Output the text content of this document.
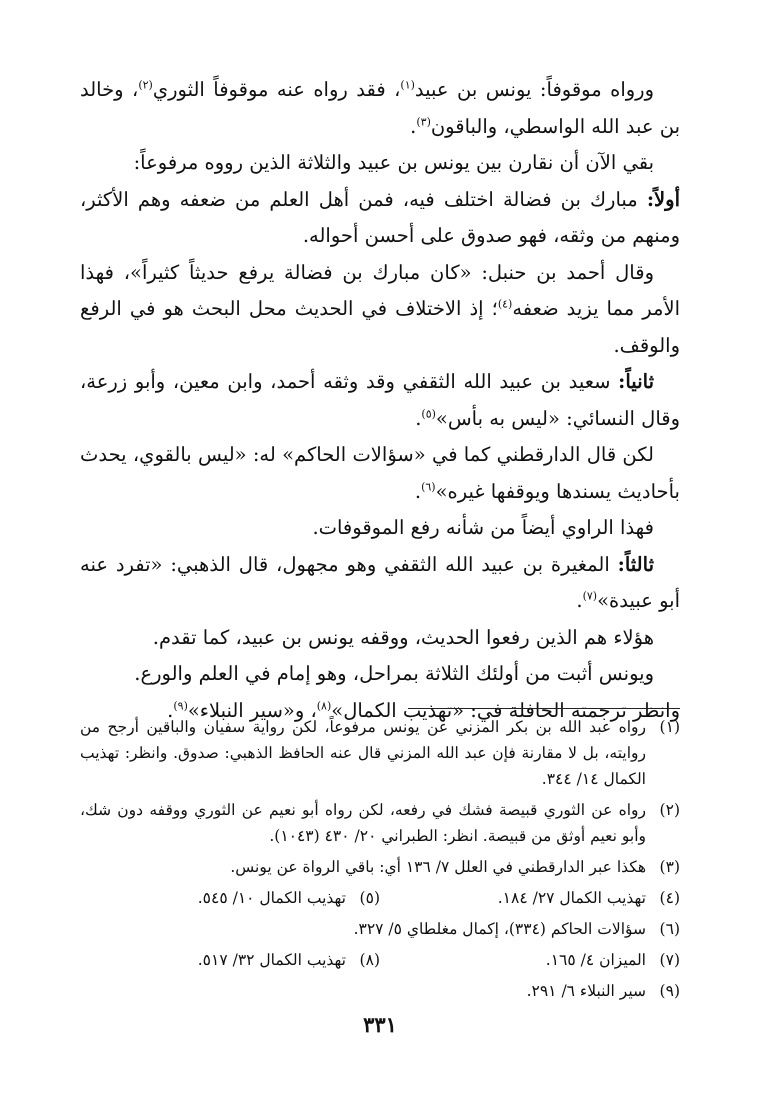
ورواه موقوفاً: يونس بن عبيد$^{(١)}$، فقد رواه عنه موقوفاً الثوري$^{(٢)}$، وخالد بن عبد الله الواسطي، والباقون$^{(٣)}$.

بقي الآن أن نقارن بين يونس بن عبيد والثلاثة الذين رووه مرفوعاً:

أولاً: مبارك بن فضالة اختلف فيه، فمن أهل العلم من ضعفه وهم الأكثر، ومنهم من وثقه، فهو صدوق على أحسن أحواله.

وقال أحمد بن حنبل: «كان مبارك بن فضالة يرفع حديثاً كثيراً»، فهذا الأمر مما يزيد ضعفه$^{(٤)}$؛ إذ الاختلاف في الحديث محل البحث هو في الرفع والوقف.

ثانياً: سعيد بن عبيد الله الثقفي وقد وثقه أحمد، وابن معين، وأبو زرعة، وقال النسائي: «ليس به بأس»$^{(٥)}$.

لكن قال الدارقطني كما في «سؤالات الحاكم» له: «ليس بالقوي، يحدث بأحاديث يسندها ويوقفها غيره»$^{(٦)}$.

فهذا الراوي أيضاً من شأنه رفع الموقوفات.

ثالثاً: المغيرة بن عبيد الله الثقفي وهو مجهول، قال الذهبي: «تفرد عنه أبو عبيدة»$^{(٧)}$.

هؤلاء هم الذين رفعوا الحديث، ووقفه يونس بن عبيد، كما تقدم.

ويونس أثبت من أولئك الثلاثة بمراحل، وهو إمام في العلم والورع.

وانظر ترجمته الحافلة في: «تهذيب الكمال»$^{(٨)}$، و«سير النبلاء»$^{(٩)}$.

(١)
رواه عبد الله بن بكر المزني عن يونس مرفوعاً، لكن رواية سفيان والباقين أرجح من روايته، بل لا مقارنة فإن عبد الله المزني قال عنه الحافظ الذهبي: صدوق. وانظر: تهذيب الكمال ١٤/ ٣٤٤.
(٢)
رواه عن الثوري قبيصة فشك في رفعه، لكن رواه أبو نعيم عن الثوري ووقفه دون شك، وأبو نعيم أوثق من قبيصة. انظر: الطبراني ٢٠/ ٤٣٠ (١٠٤٣).
(٣)
هكذا عبر الدارقطني في العلل ٧/ ١٣٦ أي: باقي الرواة عن يونس.
(٤)
تهذيب الكمال ٢٧/ ١٨٤.
(٥)
تهذيب الكمال ١٠/ ٥٤٥.
(٦)
سؤالات الحاكم (٣٣٤)، إكمال مغلطاي ٥/ ٣٢٧.
(٧)
الميزان ٤/ ١٦٥.
(٨)
تهذيب الكمال ٣٢/ ٥١٧.
(٩)
سير النبلاء ٦/ ٢٩١.
٣٣١
